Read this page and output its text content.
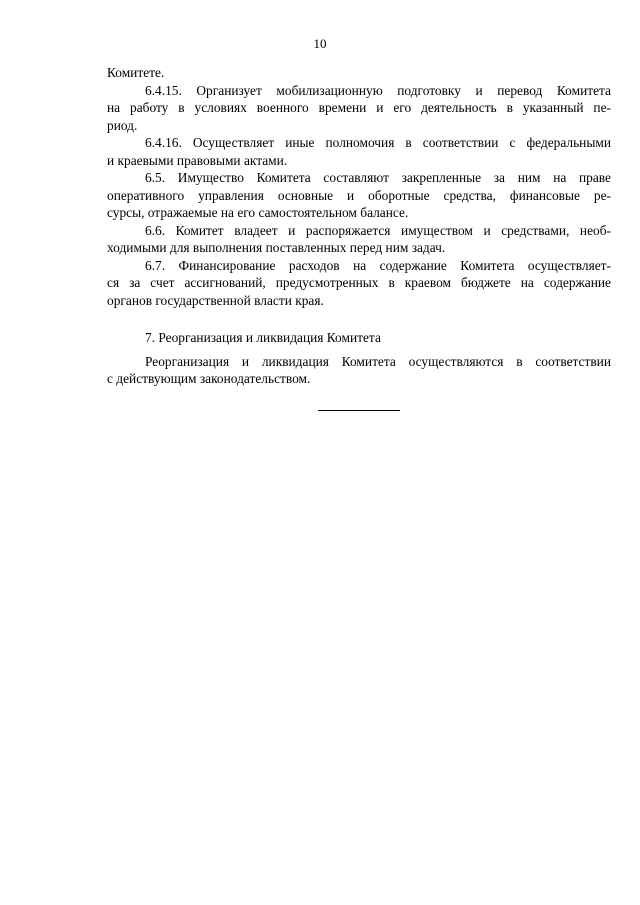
10
Комитете.
6.4.15. Организует мобилизационную подготовку и перевод Комитета
на работу в условиях военного времени и его деятельность в указанный пе-
риод.
6.4.16. Осуществляет иные полномочия в соответствии с федеральными
и краевыми правовыми актами.
6.5. Имущество Комитета составляют закрепленные за ним на праве
оперативного управления основные и оборотные средства, финансовые ре-
сурсы, отражаемые на его самостоятельном балансе.
6.6. Комитет владеет и распоряжается имуществом и средствами, необ-
ходимыми для выполнения поставленных перед ним задач.
6.7. Финансирование расходов на содержание Комитета осуществляет-
ся за счет ассигнований, предусмотренных в краевом бюджете на содержание
органов государственной власти края.
7. Реорганизация и ликвидация Комитета
Реорганизация и ликвидация Комитета осуществляются в соответствии
с действующим законодательством.
